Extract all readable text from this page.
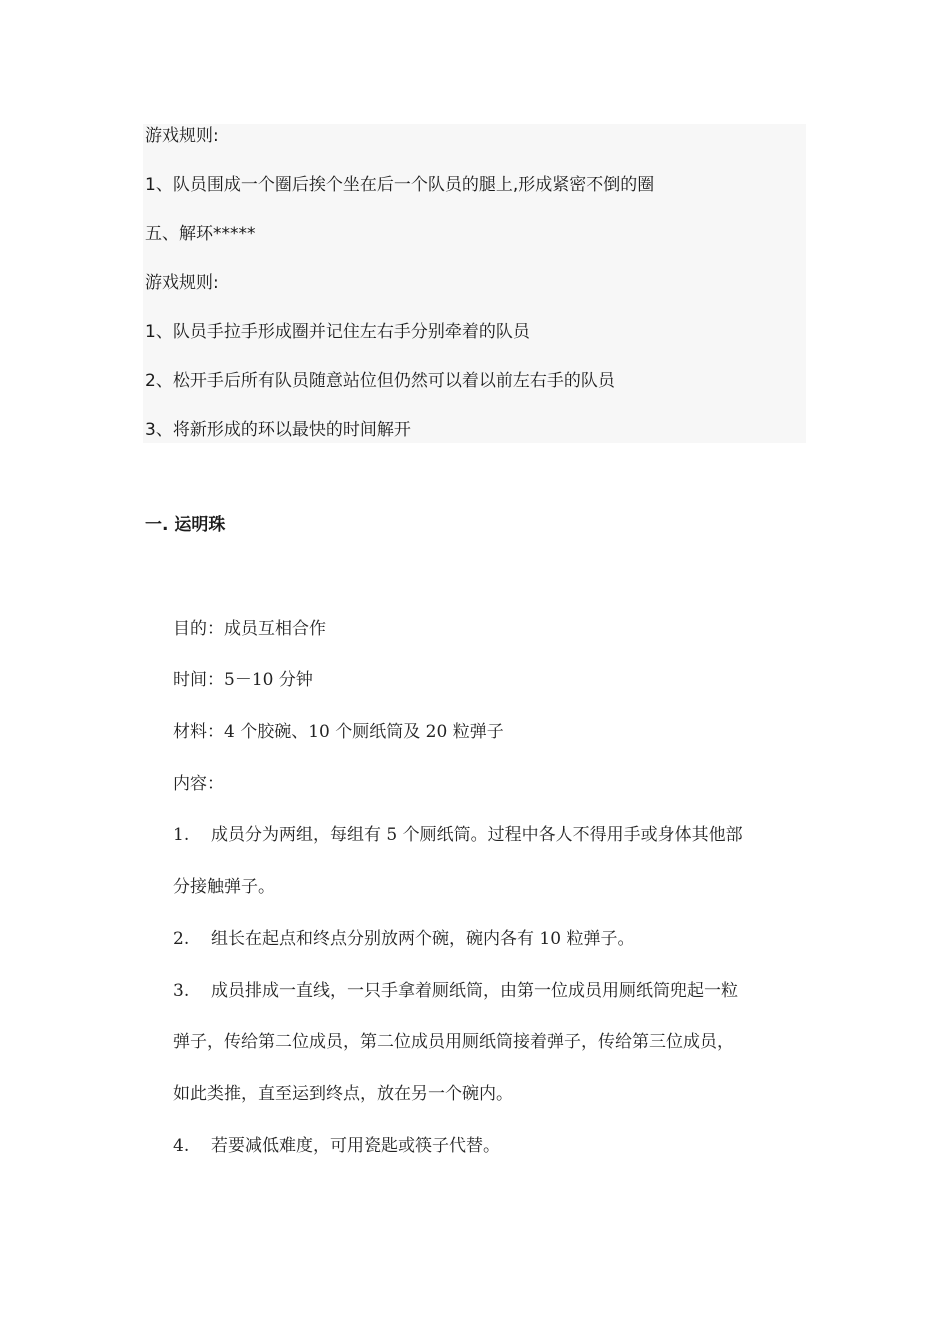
游戏规则:
1、队员围成一个圈后挨个坐在后一个队员的腿上,形成紧密不倒的圈
五、解环*****
游戏规则:
1、队员手拉手形成圈并记住左右手分别牵着的队员
2、松开手后所有队员随意站位但仍然可以着以前左右手的队员
3、将新形成的环以最快的时间解开
一. 运明珠
目的：成员互相合作
时间：5－10 分钟
材料：4 个胶碗、10 个厕纸筒及 20 粒弹子
内容：
1. 成员分为两组，每组有 5 个厕纸筒。过程中各人不得用手或身体其他部
分接触弹子。
2. 组长在起点和终点分别放两个碗，碗内各有 10 粒弹子。
3. 成员排成一直线，一只手拿着厕纸筒，由第一位成员用厕纸筒兜起一粒
弹子，传给第二位成员，第二位成员用厕纸筒接着弹子，传给第三位成员，
如此类推，直至运到终点，放在另一个碗内。
4. 若要减低难度，可用瓷匙或筷子代替。
